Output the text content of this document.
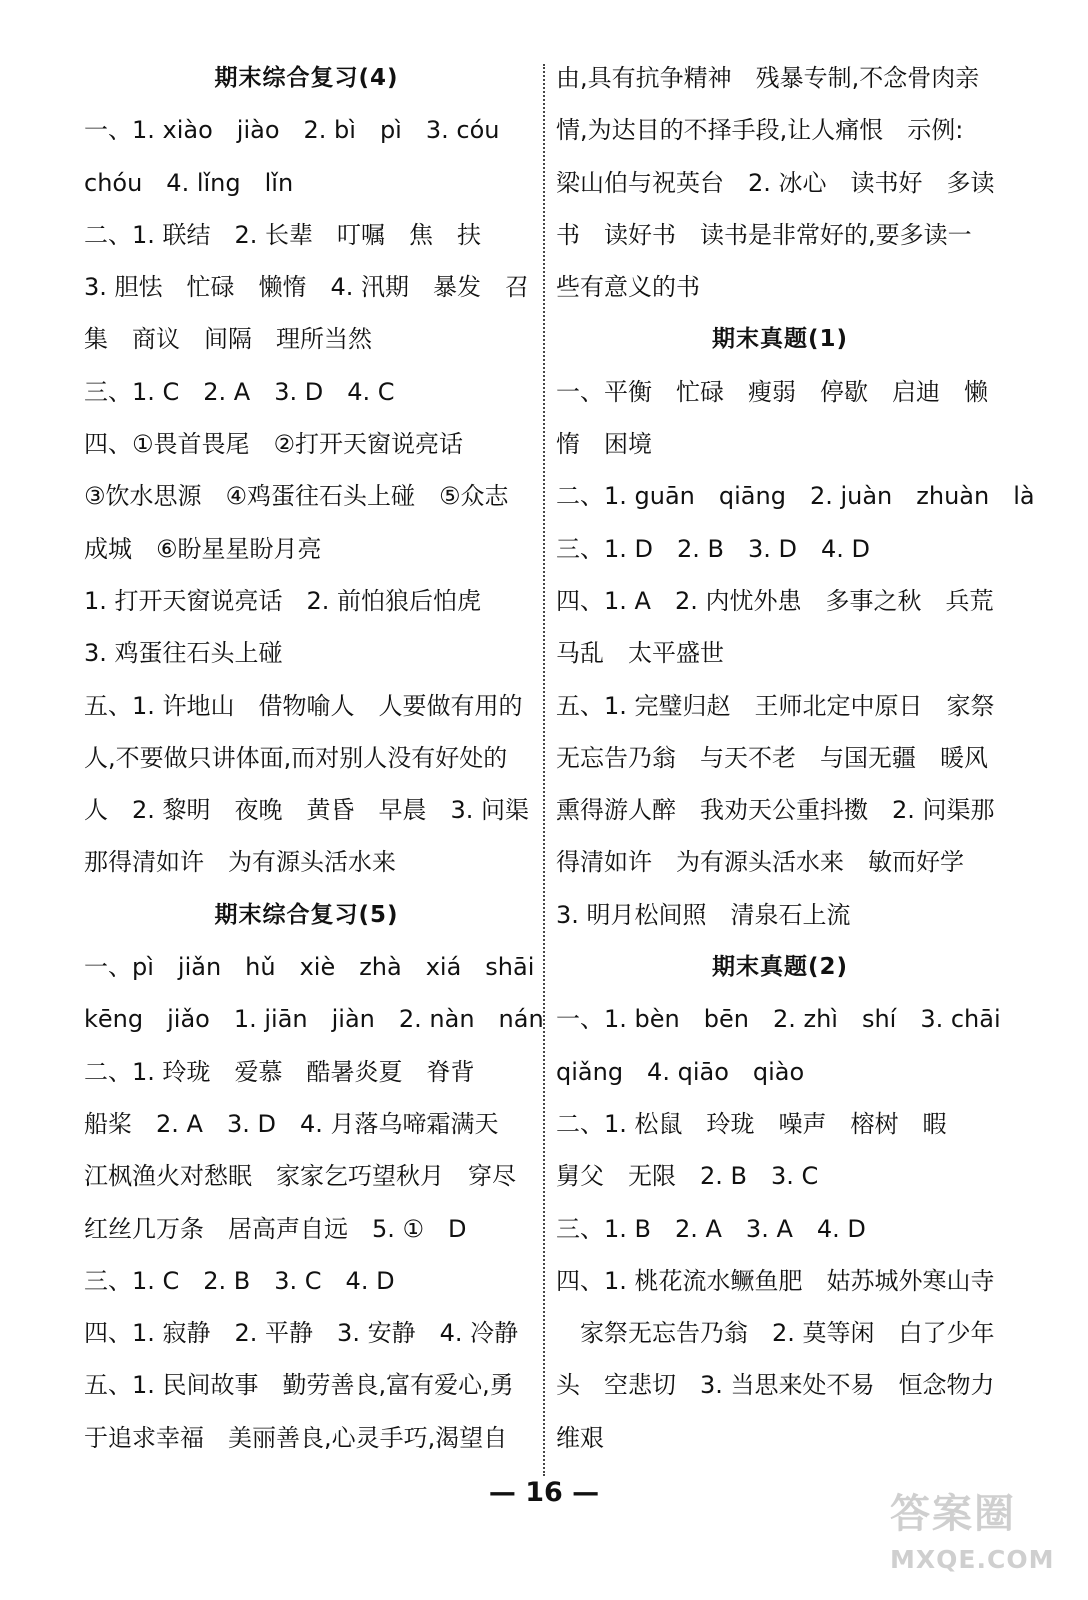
期末综合复习(4)
一、1. xiào　jiào　2. bì　pì　3. cóu
chóu　4. lǐng　lǐn
二、1. 联结　2. 长辈　叮嘱　焦　扶
3. 胆怯　忙碌　懒惰　4. 汛期　暴发　召
集　商议　间隔　理所当然
三、1. C　2. A　3. D　4. C
四、①畏首畏尾　②打开天窗说亮话
③饮水思源　④鸡蛋往石头上碰　⑤众志
成城　⑥盼星星盼月亮
1. 打开天窗说亮话　2. 前怕狼后怕虎
3. 鸡蛋往石头上碰
五、1. 许地山　借物喻人　人要做有用的
人,不要做只讲体面,而对别人没有好处的
人　2. 黎明　夜晚　黄昏　早晨　3. 问渠
那得清如许　为有源头活水来
期末综合复习(5)
一、pì　jiǎn　hǔ　xiè　zhà　xiá　shāi
kēng　jiǎo　1. jiān　jiàn　2. nàn　nán
二、1. 玲珑　爱慕　酷暑炎夏　脊背
船桨　2. A　3. D　4. 月落乌啼霜满天
江枫渔火对愁眠　家家乞巧望秋月　穿尽
红丝几万条　居高声自远　5. ①　D
三、1. C　2. B　3. C　4. D
四、1. 寂静　2. 平静　3. 安静　4. 冷静
五、1. 民间故事　勤劳善良,富有爱心,勇
于追求幸福　美丽善良,心灵手巧,渴望自
由,具有抗争精神　残暴专制,不念骨肉亲
情,为达目的不择手段,让人痛恨　示例:
梁山伯与祝英台　2. 冰心　读书好　多读
书　读好书　读书是非常好的,要多读一
些有意义的书
期末真题(1)
一、平衡　忙碌　瘦弱　停歇　启迪　懒
惰　困境
二、1. guān　qiāng　2. juàn　zhuàn　là
三、1. D　2. B　3. D　4. D
四、1. A　2. 内忧外患　多事之秋　兵荒
马乱　太平盛世
五、1. 完璧归赵　王师北定中原日　家祭
无忘告乃翁　与天不老　与国无疆　暖风
熏得游人醉　我劝天公重抖擞　2. 问渠那
得清如许　为有源头活水来　敏而好学
3. 明月松间照　清泉石上流
期末真题(2)
一、1. bèn　bēn　2. zhì　shí　3. chāi
qiǎng　4. qiāo　qiào
二、1. 松鼠　玲珑　噪声　榕树　暇
舅父　无限　2. B　3. C
三、1. B　2. A　3. A　4. D
四、1. 桃花流水鳜鱼肥　姑苏城外寒山寺
　家祭无忘告乃翁　2. 莫等闲　白了少年
头　空悲切　3. 当思来处不易　恒念物力
维艰
— 16 —	答案圈
MXQE.COM
